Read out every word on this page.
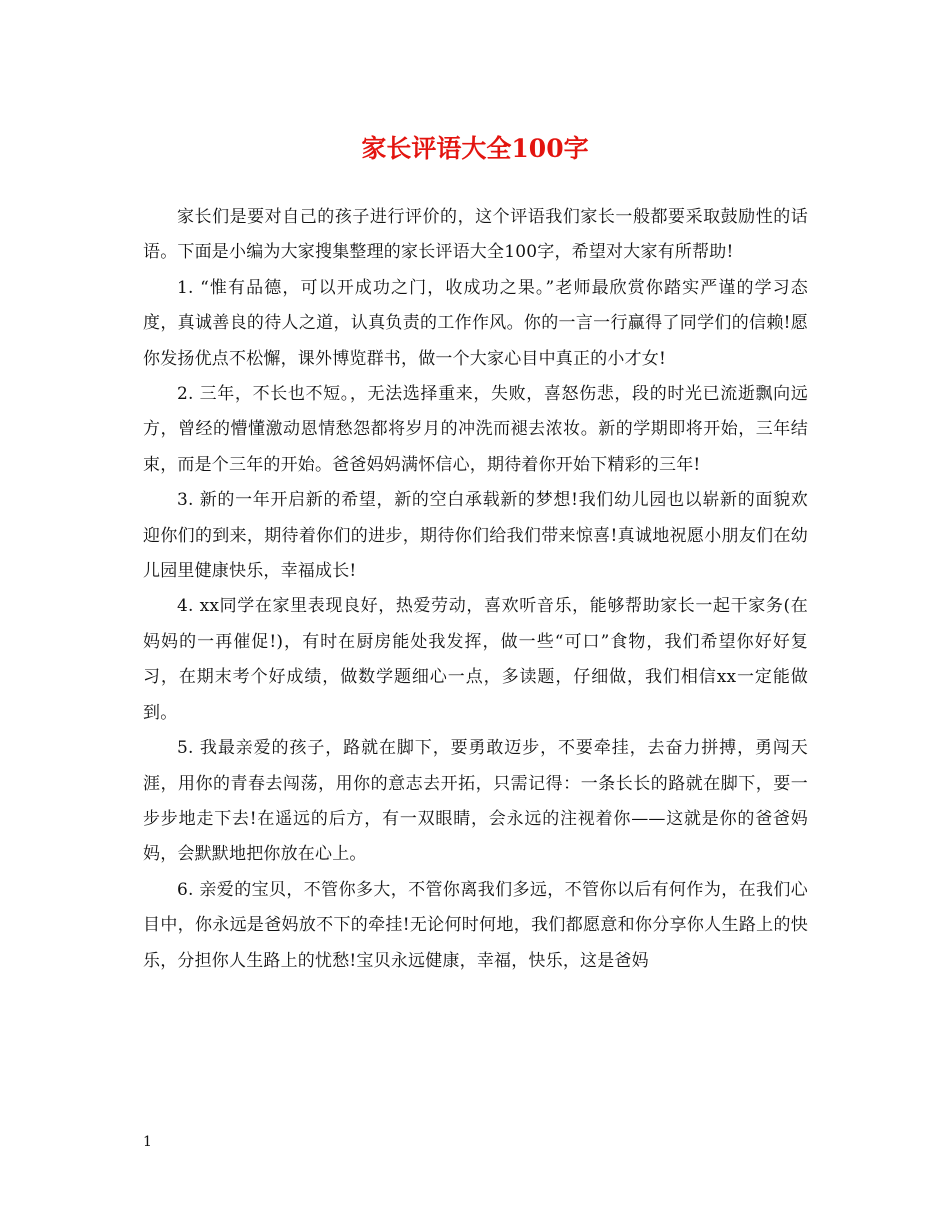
家长评语大全100字

家长们是要对自己的孩子进行评价的，这个评语我们家长一般都要采取鼓励性的话语。下面是小编为大家搜集整理的家长评语大全100字，希望对大家有所帮助!

1. “惟有品德，可以开成功之门，收成功之果。”老师最欣赏你踏实严谨的学习态度，真诚善良的待人之道，认真负责的工作作风。你的一言一行赢得了同学们的信赖!愿你发扬优点不松懈，课外博览群书，做一个大家心目中真正的小才女!

2. 三年，不长也不短。，无法选择重来，失败，喜怒伤悲，段的时光已流逝飘向远方，曾经的懵懂激动恩情愁怨都将岁月的冲洗而褪去浓妆。新的学期即将开始，三年结束，而是个三年的开始。爸爸妈妈满怀信心，期待着你开始下精彩的三年!

3. 新的一年开启新的希望，新的空白承载新的梦想!我们幼儿园也以崭新的面貌欢迎你们的到来，期待着你们的进步，期待你们给我们带来惊喜!真诚地祝愿小朋友们在幼儿园里健康快乐，幸福成长!

4. xx同学在家里表现良好，热爱劳动，喜欢听音乐，能够帮助家长一起干家务(在妈妈的一再催促!)，有时在厨房能处我发挥，做一些“可口”食物，我们希望你好好复习，在期末考个好成绩，做数学题细心一点，多读题，仔细做，我们相信xx一定能做到。

5. 我最亲爱的孩子，路就在脚下，要勇敢迈步，不要牵挂，去奋力拼搏，勇闯天涯，用你的青春去闯荡，用你的意志去开拓，只需记得：一条长长的路就在脚下，要一步步地走下去!在遥远的后方，有一双眼睛，会永远的注视着你——这就是你的爸爸妈妈，会默默地把你放在心上。

6. 亲爱的宝贝，不管你多大，不管你离我们多远，不管你以后有何作为，在我们心目中，你永远是爸妈放不下的牵挂!无论何时何地，我们都愿意和你分享你人生路上的快乐，分担你人生路上的忧愁!宝贝永远健康，幸福，快乐，这是爸妈

1
